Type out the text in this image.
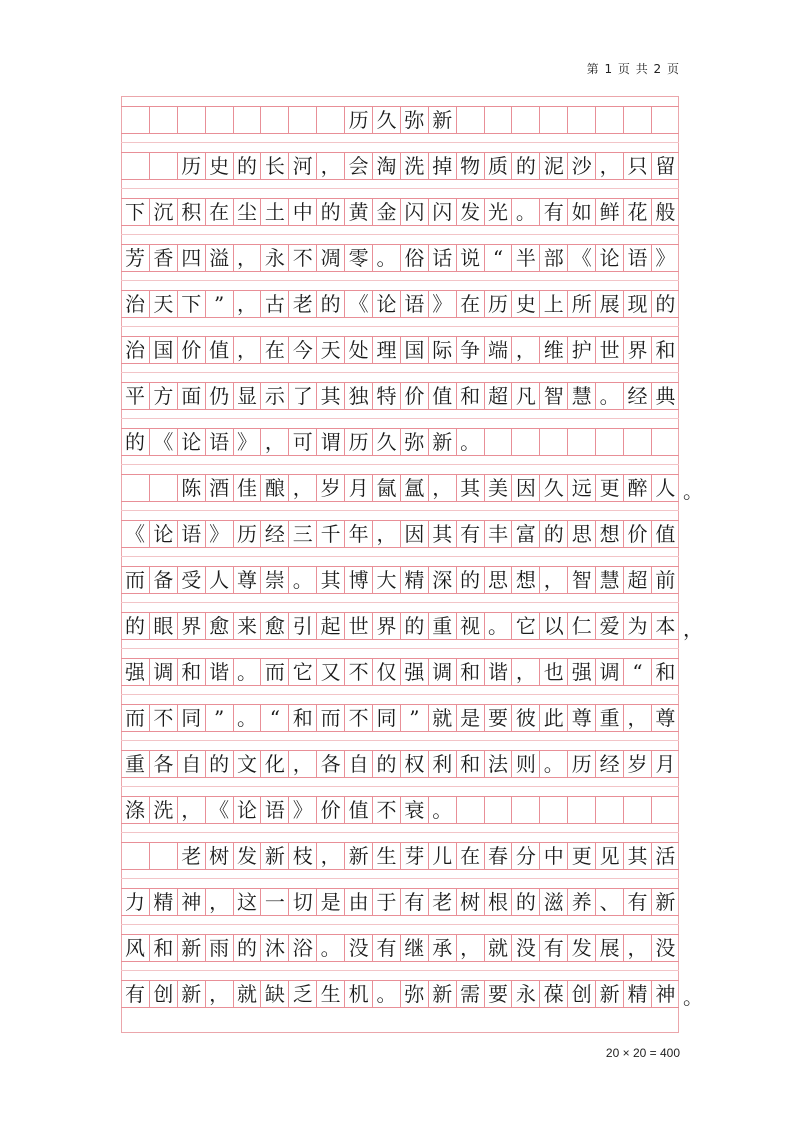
第 1 页 共 2 页
历 久 弥 新
历 史 的 长 河 ， 会 淘 洗 掉 物 质 的 泥 沙 ， 只 留
下 沉 积 在 尘 土 中 的 黄 金 闪 闪 发 光 。 有 如 鲜 花 般
芳 香 四 溢 ， 永 不 凋 零 。 俗 话 说 “ 半 部 《 论 语 》
治 天 下 ” ， 古 老 的 《 论 语 》 在 历 史 上 所 展 现 的
治 国 价 值 ， 在 今 天 处 理 国 际 争 端 ， 维 护 世 界 和
平 方 面 仍 显 示 了 其 独 特 价 值 和 超 凡 智 慧 。 经 典
的 《 论 语 》 ， 可 谓 历 久 弥 新 。
陈 酒 佳 酿 ， 岁 月 氤 氲 ， 其 美 因 久 远 更 醉 人 。
《 论 语 》 历 经 三 千 年 ， 因 其 有 丰 富 的 思 想 价 值
而 备 受 人 尊 崇 。 其 博 大 精 深 的 思 想 ， 智 慧 超 前
的 眼 界 愈 来 愈 引 起 世 界 的 重 视 。 它 以 仁 爱 为 本 ，
强 调 和 谐 。 而 它 又 不 仅 强 调 和 谐 ， 也 强 调 “ 和
而 不 同 ” 。 “ 和 而 不 同 ” 就 是 要 彼 此 尊 重 ， 尊
重 各 自 的 文 化 ， 各 自 的 权 利 和 法 则 。 历 经 岁 月
涤 洗 ， 《 论 语 》 价 值 不 衰 。
老 树 发 新 枝 ， 新 生 芽 儿 在 春 分 中 更 见 其 活
力 精 神 ， 这 一 切 是 由 于 有 老 树 根 的 滋 养 、 有 新
风 和 新 雨 的 沐 浴 。 没 有 继 承 ， 就 没 有 发 展 ， 没
有 创 新 ， 就 缺 乏 生 机 。 弥 新 需 要 永 葆 创 新 精 神 。
20 × 20 = 400
